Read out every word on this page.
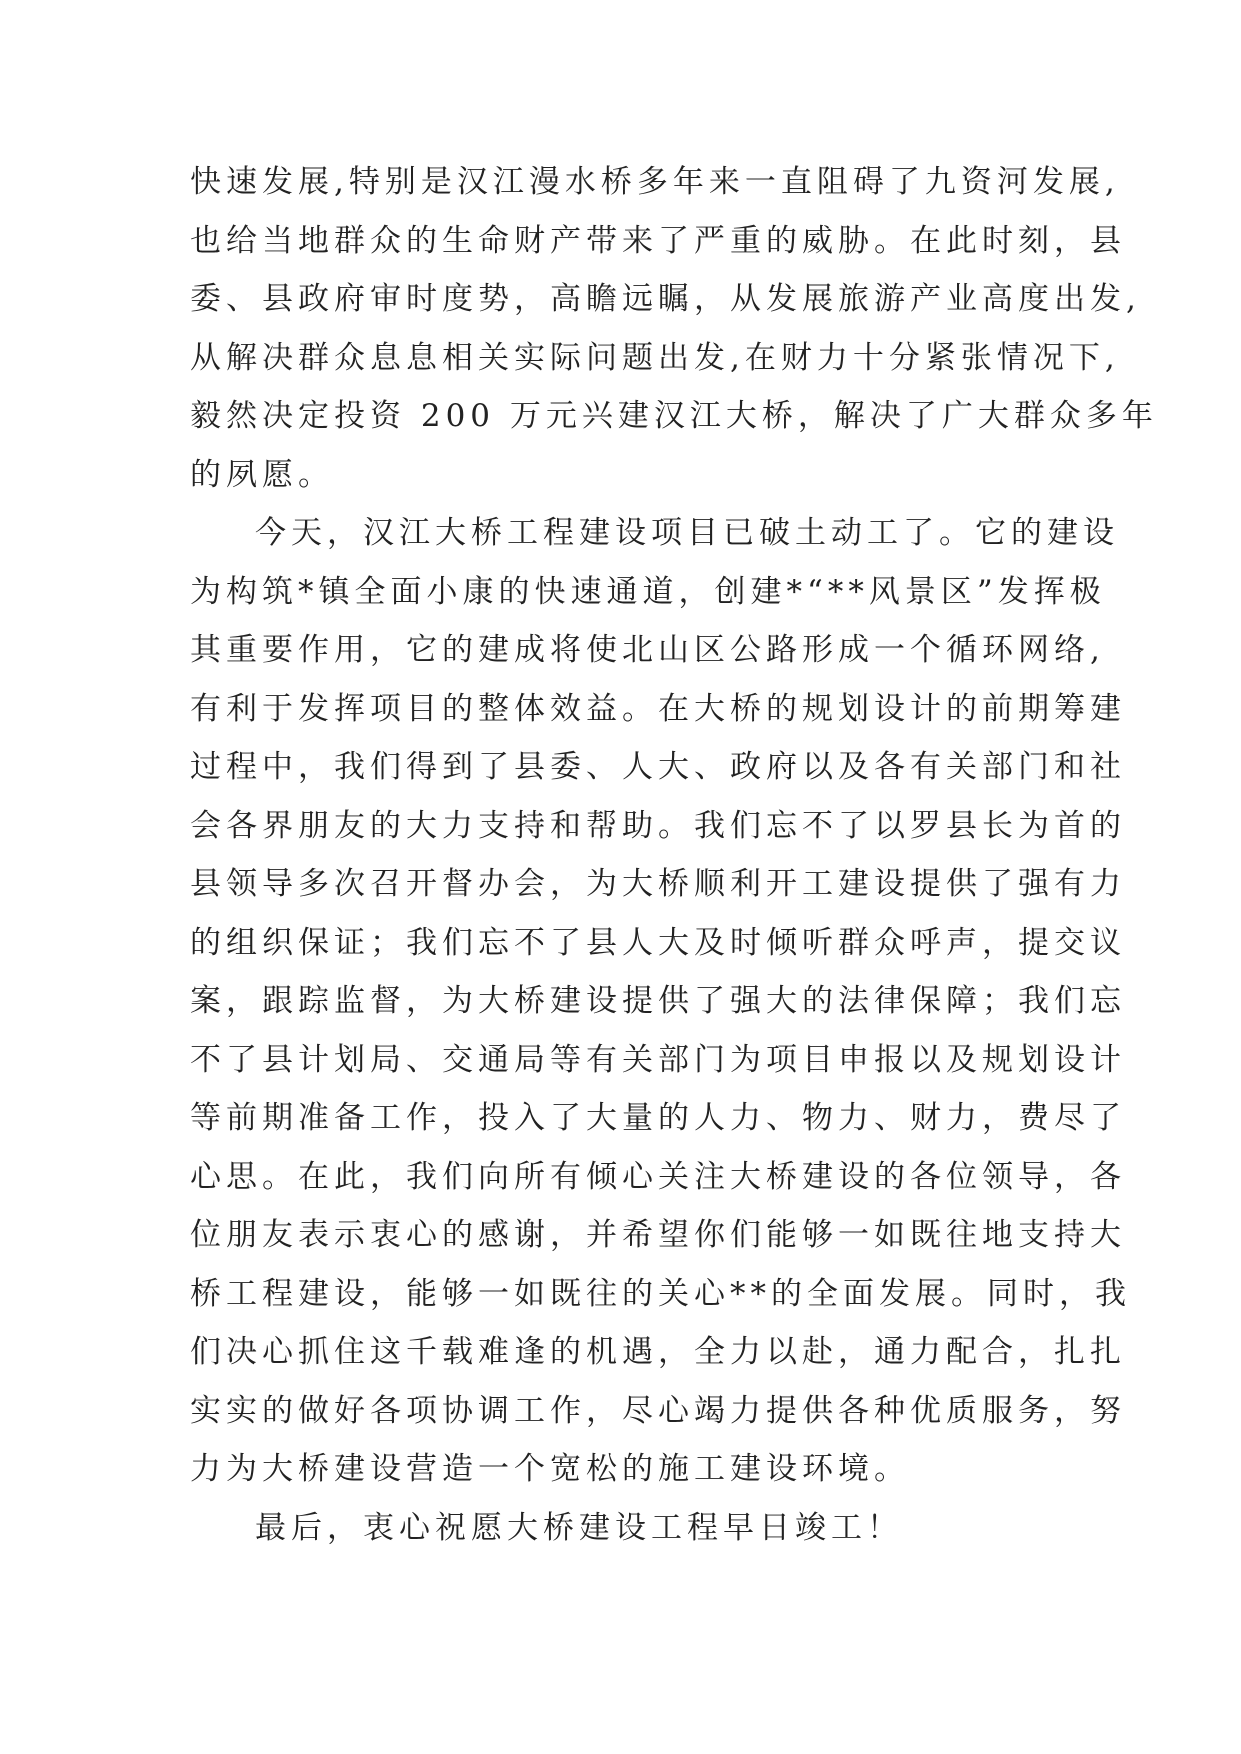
快速发展,特别是汉江漫水桥多年来一直阻碍了九资河发展,
也给当地群众的生命财产带来了严重的威胁。在此时刻，县
委、县政府审时度势，高瞻远瞩，从发展旅游产业高度出发,
从解决群众息息相关实际问题出发,在财力十分紧张情况下,
毅然决定投资 200 万元兴建汉江大桥，解决了广大群众多年
的夙愿。
今天，汉江大桥工程建设项目已破土动工了。它的建设
为构筑*镇全面小康的快速通道，创建*“**风景区”发挥极
其重要作用，它的建成将使北山区公路形成一个循环网络,
有利于发挥项目的整体效益。在大桥的规划设计的前期筹建
过程中，我们得到了县委、人大、政府以及各有关部门和社
会各界朋友的大力支持和帮助。我们忘不了以罗县长为首的
县领导多次召开督办会，为大桥顺利开工建设提供了强有力
的组织保证；我们忘不了县人大及时倾听群众呼声，提交议
案，跟踪监督，为大桥建设提供了强大的法律保障；我们忘
不了县计划局、交通局等有关部门为项目申报以及规划设计
等前期准备工作，投入了大量的人力、物力、财力，费尽了
心思。在此，我们向所有倾心关注大桥建设的各位领导，各
位朋友表示衷心的感谢，并希望你们能够一如既往地支持大
桥工程建设，能够一如既往的关心**的全面发展。同时，我
们决心抓住这千载难逢的机遇，全力以赴，通力配合，扎扎
实实的做好各项协调工作，尽心竭力提供各种优质服务，努
力为大桥建设营造一个宽松的施工建设环境。
最后，衷心祝愿大桥建设工程早日竣工！
